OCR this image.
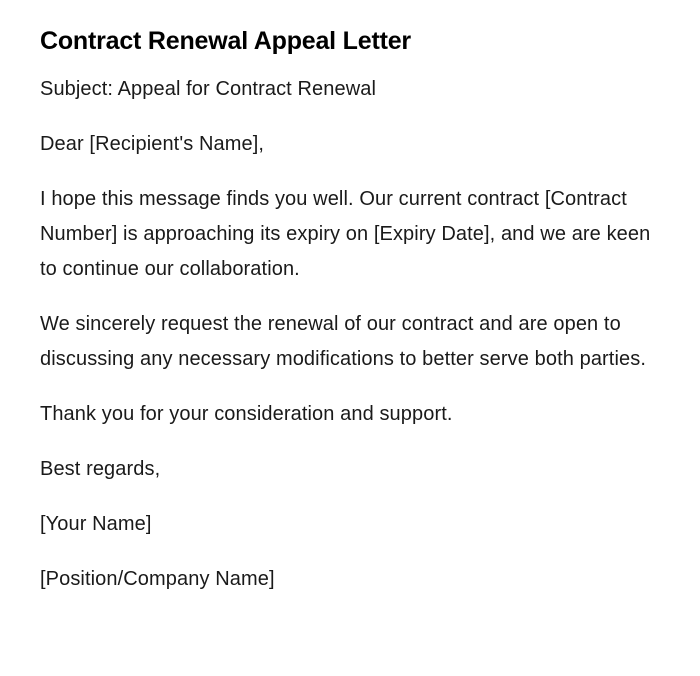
Contract Renewal Appeal Letter

Subject: Appeal for Contract Renewal

Dear [Recipient's Name],

I hope this message finds you well. Our current contract [Contract Number] is approaching its expiry on [Expiry Date], and we are keen to continue our collaboration.

We sincerely request the renewal of our contract and are open to discussing any necessary modifications to better serve both parties.

Thank you for your consideration and support.

Best regards,

[Your Name]

[Position/Company Name]
